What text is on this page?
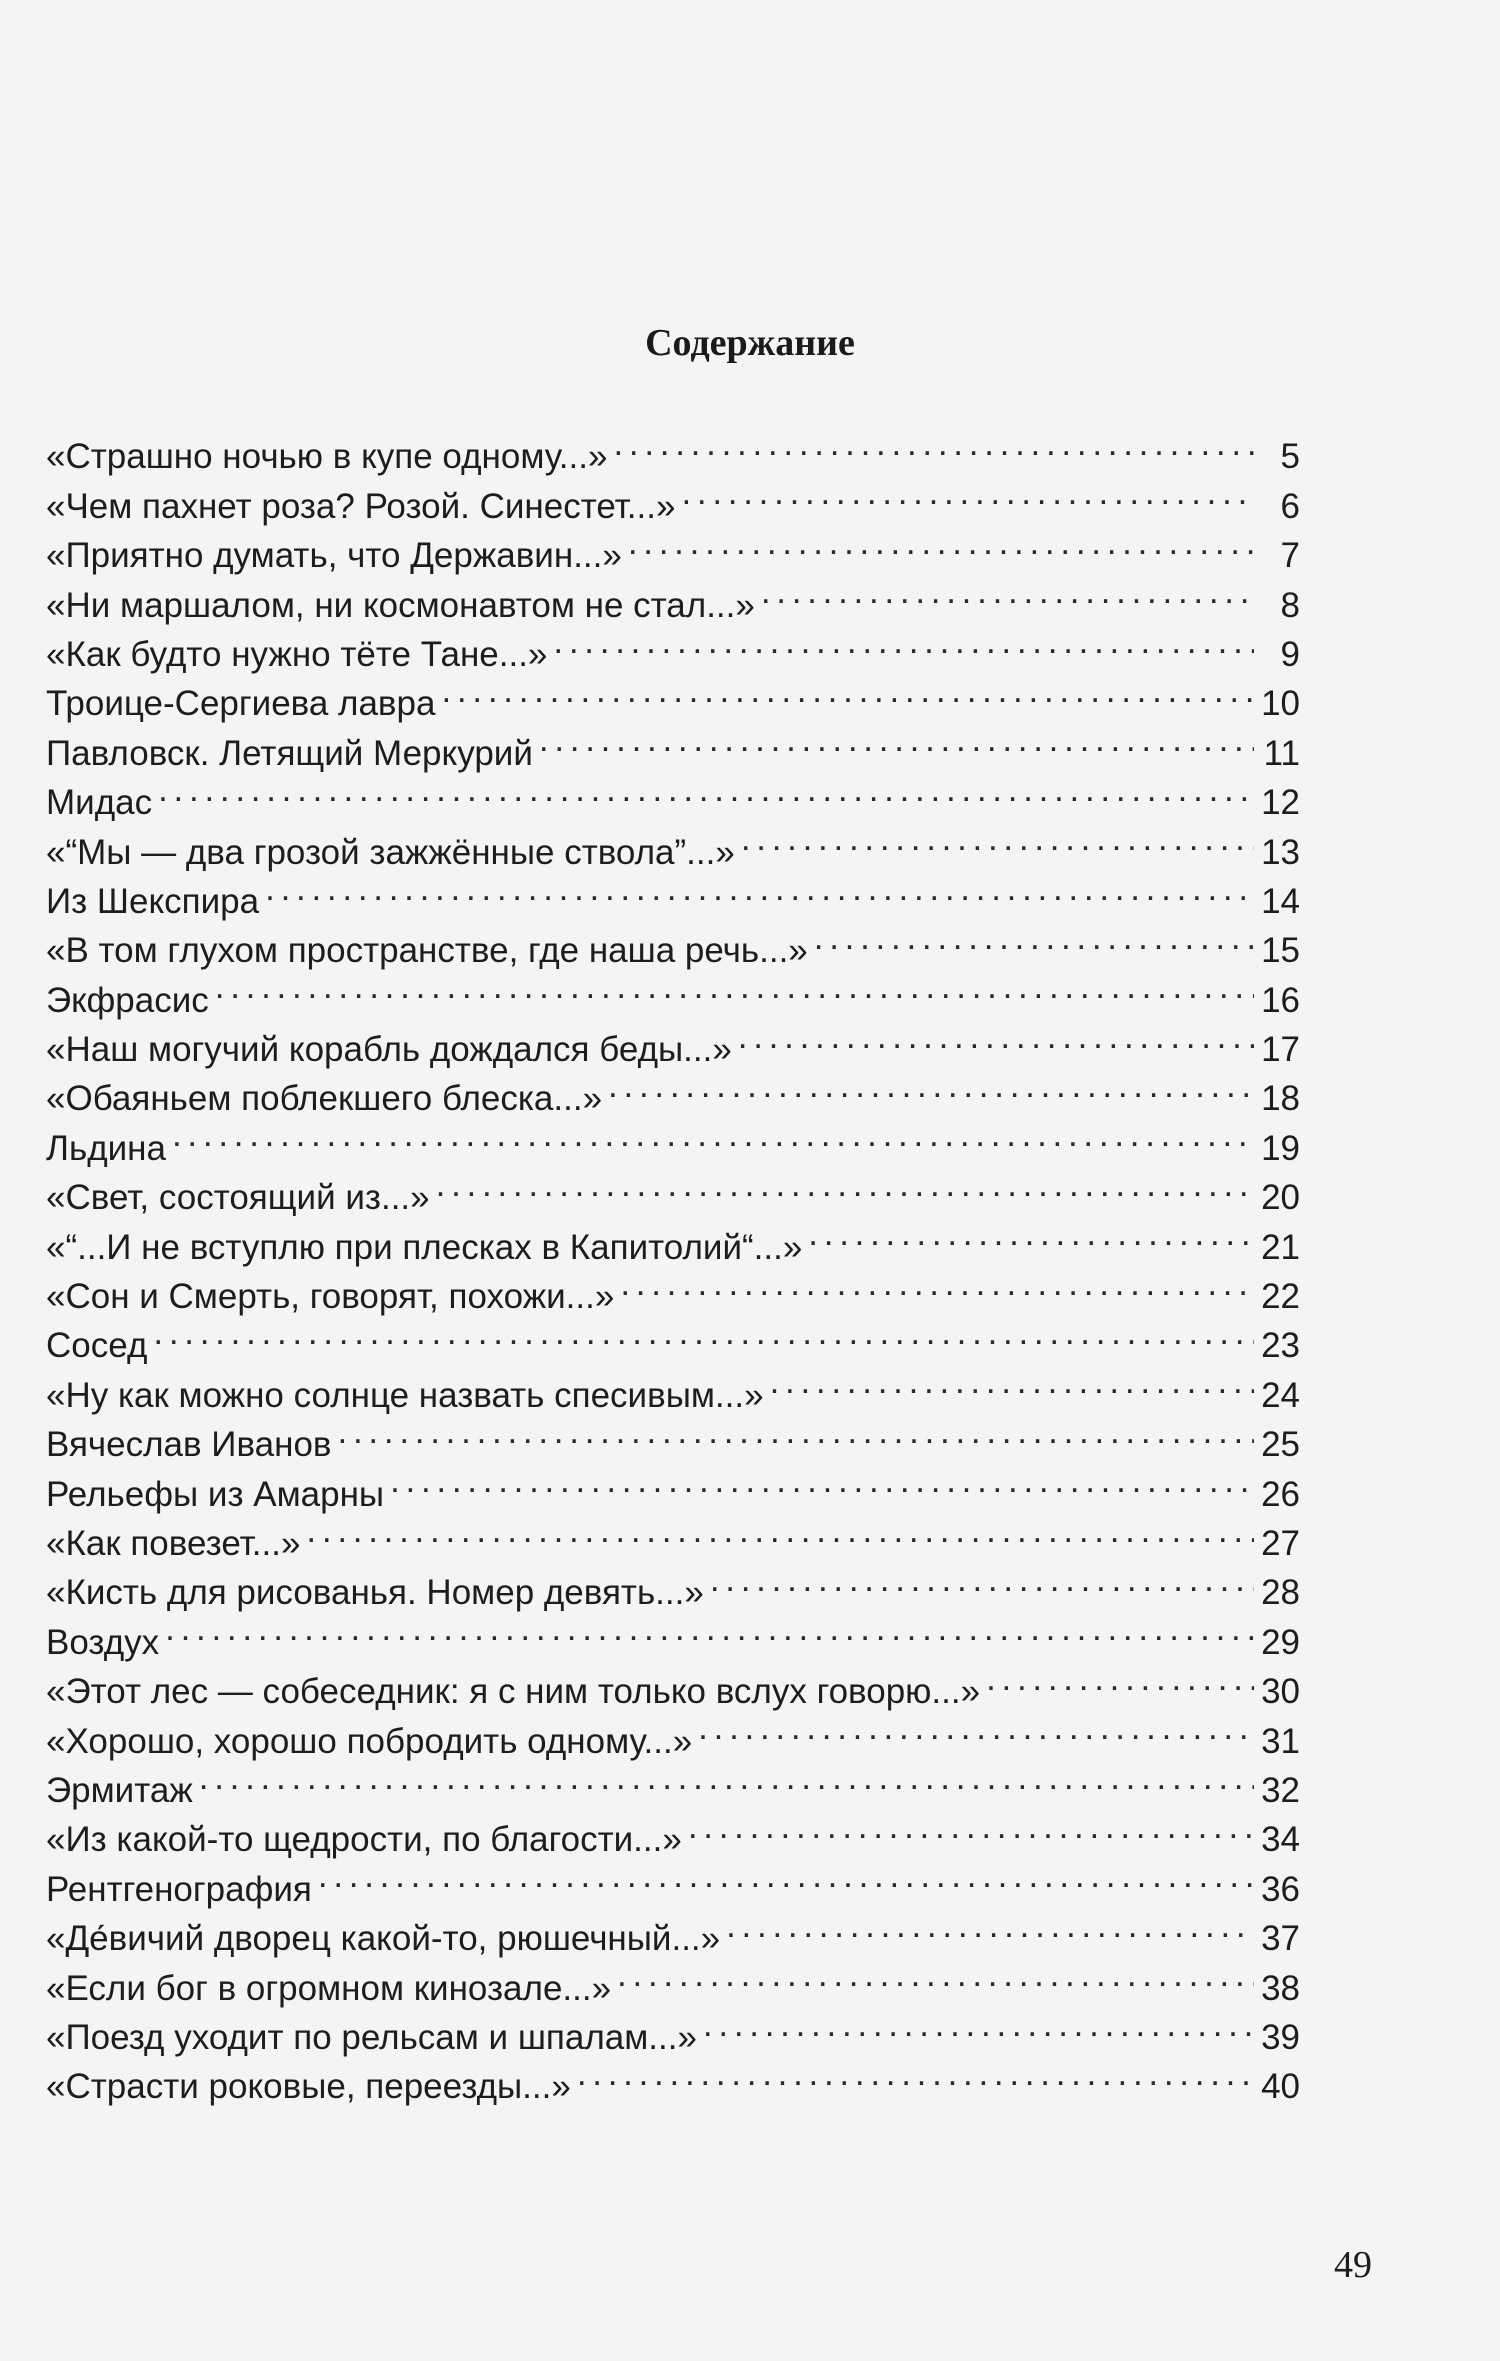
Содержание
«Страшно ночью в купе одному...» . . .	5
«Чем пахнет роза? Розой. Синестет...» . . .	6
«Приятно думать, что Державин...» . . .	7
«Ни маршалом, ни космонавтом не стал...» . . .	8
«Как будто нужно тёте Тане...» . . .	9
Троице-Сергиева лавра . . .	10
Павловск. Летящий Меркурий . . .	11
Мидас . . .	12
«“Мы — два грозой зажжённые ствола”...» . . .	13
Из Шекспира . . .	14
«В том глухом пространстве, где наша речь...» . . .	15
Экфрасис . . .	16
«Наш могучий корабль дождался беды...» . . .	17
«Обаяньем поблекшего блеска...» . . .	18
Льдина . . .	19
«Свет, состоящий из...» . . .	20
«“...И не вступлю при плесках в Капитолий“...» . . .	21
«Сон и Смерть, говорят, похожи...» . . .	22
Сосед . . .	23
«Ну как можно солнце назвать спесивым...» . . .	24
Вячеслав Иванов . . .	25
Рельефы из Амарны . . .	26
«Как повезет...» . . .	27
«Кисть для рисованья. Номер девять...» . . .	28
Воздух . . .	29
«Этот лес — собеседник: я с ним только вслух говорю...» . . .	30
«Хорошо, хорошо побродить одному...» . . .	31
Эрмитаж . . .	32
«Из какой-то щедрости, по благости...» . . .	34
Рентгенография . . .	36
«Де́вичий дворец какой-то, рюшечный...» . . .	37
«Если бог в огромном кинозале...» . . .	38
«Поезд уходит по рельсам и шпалам...» . . .	39
«Страсти роковые, переезды...» . . .	40
49
